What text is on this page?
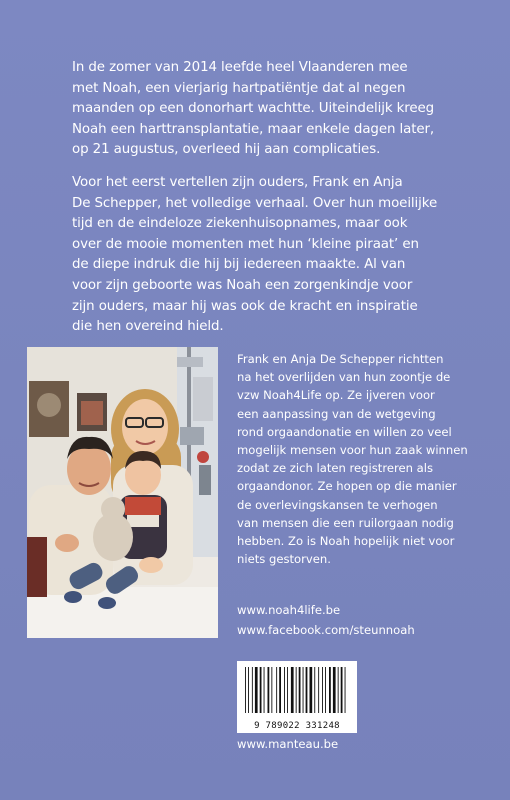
In de zomer van 2014 leefde heel Vlaanderen mee
met Noah, een vierjarig hartpatiëntje dat al negen
maanden op een donorhart wachtte. Uiteindelijk kreeg
Noah een harttransplantatie, maar enkele dagen later,
op 21 augustus, overleed hij aan complicaties.

Voor het eerst vertellen zijn ouders, Frank en Anja
De Schepper, het volledige verhaal. Over hun moeilijke
tijd en de eindeloze ziekenhuisopnames, maar ook
over de mooie momenten met hun ‘kleine piraat’ en
de diepe indruk die hij bij iedereen maakte. Al van
voor zijn geboorte was Noah een zorgenkindje voor
zijn ouders, maar hij was ook de kracht en inspiratie
die hen overeind hield.

Frank en Anja De Schepper richtten
na het overlijden van hun zoontje de
vzw Noah4Life op. Ze ijveren voor
een aanpassing van de wetgeving
rond orgaandonatie en willen zo veel
mogelijk mensen voor hun zaak winnen
zodat ze zich laten registreren als
orgaandonor. Ze hopen op die manier
de overlevingskansen te verhogen
van mensen die een ruilorgaan nodig
hebben. Zo is Noah hopelijk niet voor
niets gestorven.

www.noah4life.be
www.facebook.com/steunnoah
9 789022 331248
www.manteau.be
